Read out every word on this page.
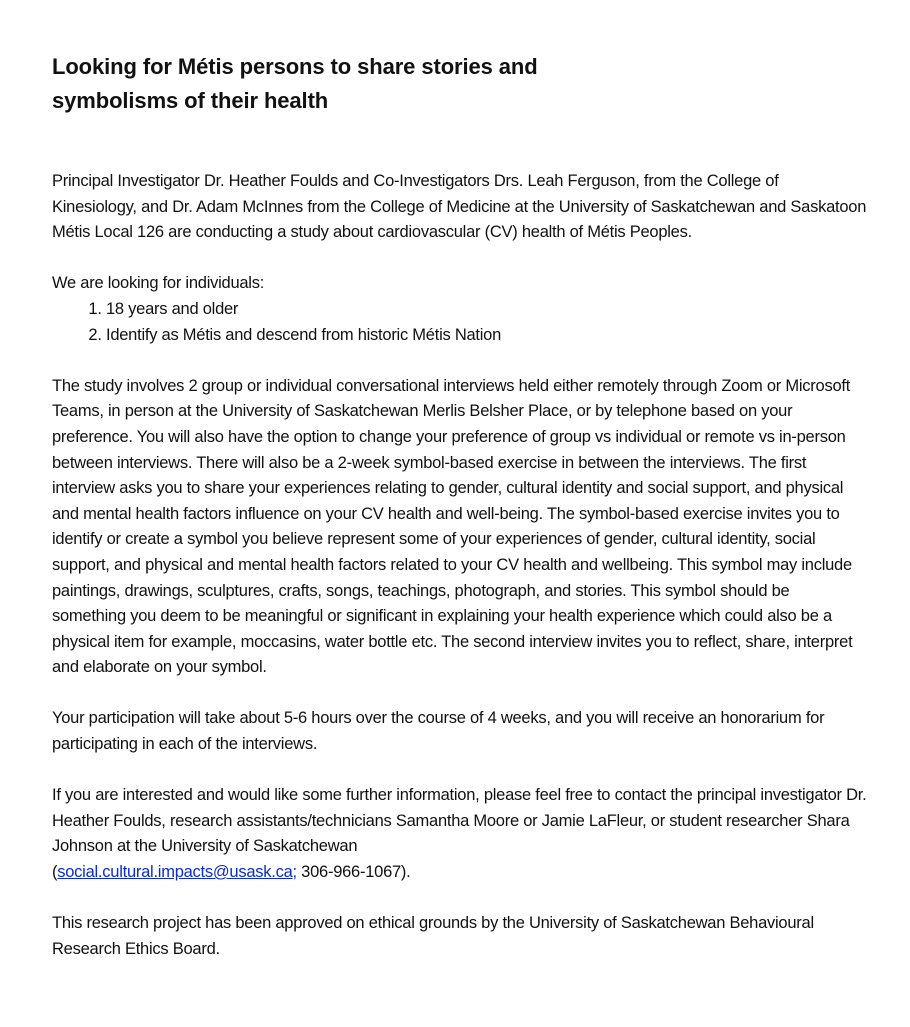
Looking for Métis persons to share stories and symbolisms of their health

Principal Investigator Dr. Heather Foulds and Co-Investigators Drs. Leah Ferguson, from the College of Kinesiology, and Dr. Adam McInnes from the College of Medicine at the University of Saskatchewan and Saskatoon Métis Local 126 are conducting a study about cardiovascular (CV) health of Métis Peoples.

We are looking for individuals:

1. 18 years and older
2. Identify as Métis and descend from historic Métis Nation

The study involves 2 group or individual conversational interviews held either remotely through Zoom or Microsoft Teams, in person at the University of Saskatchewan Merlis Belsher Place, or by telephone based on your preference. You will also have the option to change your preference of group vs individual or remote vs in-person between interviews. There will also be a 2-week symbol-based exercise in between the interviews. The first interview asks you to share your experiences relating to gender, cultural identity and social support, and physical and mental health factors influence on your CV health and well-being. The symbol-based exercise invites you to identify or create a symbol you believe represent some of your experiences of gender, cultural identity, social support, and physical and mental health factors related to your CV health and wellbeing. This symbol may include paintings, drawings, sculptures, crafts, songs, teachings, photograph, and stories. This symbol should be something you deem to be meaningful or significant in explaining your health experience which could also be a physical item for example, moccasins, water bottle etc. The second interview invites you to reflect, share, interpret and elaborate on your symbol.

Your participation will take about 5-6 hours over the course of 4 weeks, and you will receive an honorarium for participating in each of the interviews.

If you are interested and would like some further information, please feel free to contact the principal investigator Dr. Heather Foulds, research assistants/technicians Samantha Moore or Jamie LaFleur, or student researcher Shara Johnson at the University of Saskatchewan
(social.cultural.impacts@usask.ca; 306-966-1067).

This research project has been approved on ethical grounds by the University of Saskatchewan Behavioural Research Ethics Board.
